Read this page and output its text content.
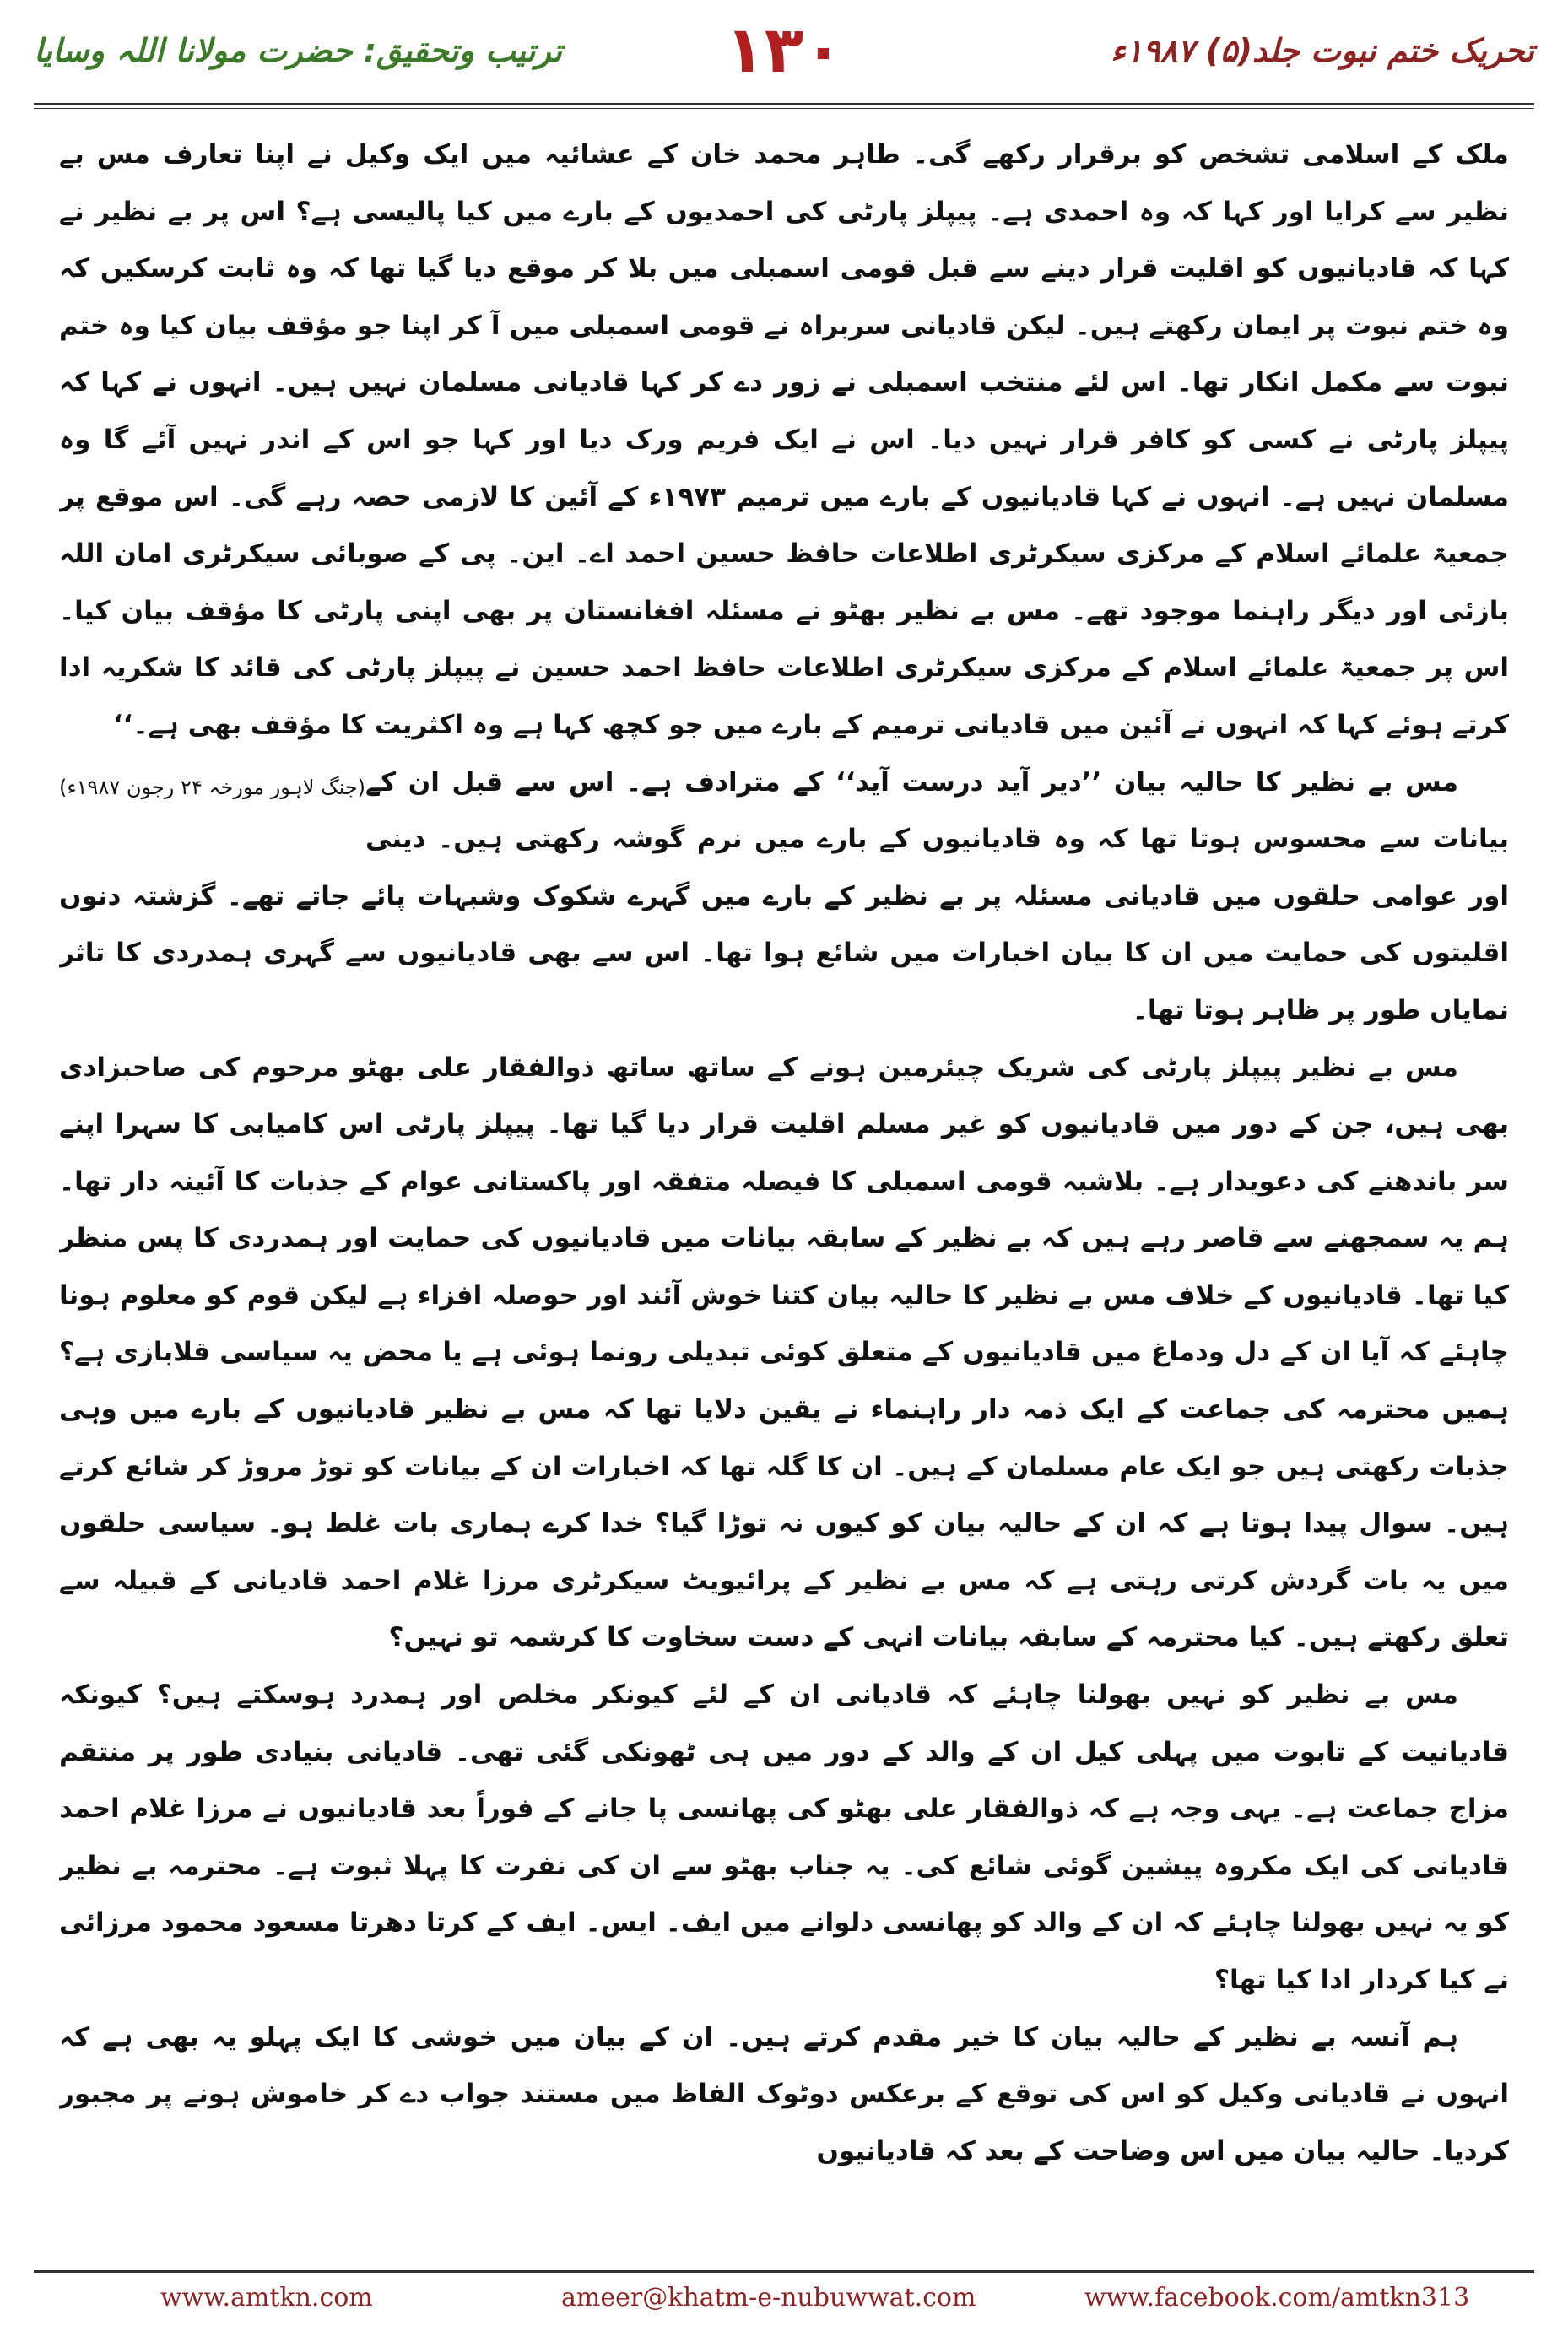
ترتیب وتحقیق: حضرت مولانا اللہ وسایا	۱۳۰	تحریک ختم نبوت جلد(۵) ۱۹۸۷ء

ملک کے اسلامی تشخص کو برقرار رکھے گی۔ طاہر محمد خان کے عشائیہ میں ایک وکیل نے اپنا تعارف مس بے نظیر سے کرایا اور کہا کہ وہ احمدی ہے۔ پیپلز پارٹی کی احمدیوں کے بارے میں کیا پالیسی ہے؟ اس پر بے نظیر نے کہا کہ قادیانیوں کو اقلیت قرار دینے سے قبل قومی اسمبلی میں بلا کر موقع دیا گیا تھا کہ وہ ثابت کرسکیں کہ وہ ختم نبوت پر ایمان رکھتے ہیں۔ لیکن قادیانی سربراہ نے قومی اسمبلی میں آ کر اپنا جو مؤقف بیان کیا وہ ختم نبوت سے مکمل انکار تھا۔ اس لئے منتخب اسمبلی نے زور دے کر کہا قادیانی مسلمان نہیں ہیں۔ انہوں نے کہا کہ پیپلز پارٹی نے کسی کو کافر قرار نہیں دیا۔ اس نے ایک فریم ورک دیا اور کہا جو اس کے اندر نہیں آئے گا وہ مسلمان نہیں ہے۔ انہوں نے کہا قادیانیوں کے بارے میں ترمیم ۱۹۷۳ء کے آئین کا لازمی حصہ رہے گی۔ اس موقع پر جمعیۃ علمائے اسلام کے مرکزی سیکرٹری اطلاعات حافظ حسین احمد اے۔ این۔ پی کے صوبائی سیکرٹری امان اللہ بازئی اور دیگر راہنما موجود تھے۔ مس بے نظیر بھٹو نے مسئلہ افغانستان پر بھی اپنی پارٹی کا مؤقف بیان کیا۔ اس پر جمعیۃ علمائے اسلام کے مرکزی سیکرٹری اطلاعات حافظ احمد حسین نے پیپلز پارٹی کی قائد کا شکریہ ادا کرتے ہوئے کہا کہ انہوں نے آئین میں قادیانی ترمیم کے بارے میں جو کچھ کہا ہے وہ اکثریت کا مؤقف بھی ہے۔‘‘
(جنگ لاہور مورخہ ۲۴ رجون ۱۹۸۷ء) مس بے نظیر کا حالیہ بیان ’’دیر آید درست آید‘‘ کے مترادف ہے۔ اس سے قبل ان کے بیانات سے محسوس ہوتا تھا کہ وہ قادیانیوں کے بارے میں نرم گوشہ رکھتی ہیں۔ دینی اور عوامی حلقوں میں قادیانی مسئلہ پر بے نظیر کے بارے میں گہرے شکوک وشبہات پائے جاتے تھے۔ گزشتہ دنوں اقلیتوں کی حمایت میں ان کا بیان اخبارات میں شائع ہوا تھا۔ اس سے بھی قادیانیوں سے گہری ہمدردی کا تاثر نمایاں طور پر ظاہر ہوتا تھا۔

مس بے نظیر پیپلز پارٹی کی شریک چیئرمین ہونے کے ساتھ ساتھ ذوالفقار علی بھٹو مرحوم کی صاحبزادی بھی ہیں، جن کے دور میں قادیانیوں کو غیر مسلم اقلیت قرار دیا گیا تھا۔ پیپلز پارٹی اس کامیابی کا سہرا اپنے سر باندھنے کی دعویدار ہے۔ بلاشبہ قومی اسمبلی کا فیصلہ متفقہ اور پاکستانی عوام کے جذبات کا آئینہ دار تھا۔ ہم یہ سمجھنے سے قاصر رہے ہیں کہ بے نظیر کے سابقہ بیانات میں قادیانیوں کی حمایت اور ہمدردی کا پس منظر کیا تھا۔ قادیانیوں کے خلاف مس بے نظیر کا حالیہ بیان کتنا خوش آئند اور حوصلہ افزاء ہے لیکن قوم کو معلوم ہونا چاہئے کہ آیا ان کے دل ودماغ میں قادیانیوں کے متعلق کوئی تبدیلی رونما ہوئی ہے یا محض یہ سیاسی قلابازی ہے؟ ہمیں محترمہ کی جماعت کے ایک ذمہ دار راہنماء نے یقین دلایا تھا کہ مس بے نظیر قادیانیوں کے بارے میں وہی جذبات رکھتی ہیں جو ایک عام مسلمان کے ہیں۔ ان کا گلہ تھا کہ اخبارات ان کے بیانات کو توڑ مروڑ کر شائع کرتے ہیں۔ سوال پیدا ہوتا ہے کہ ان کے حالیہ بیان کو کیوں نہ توڑا گیا؟ خدا کرے ہماری بات غلط ہو۔ سیاسی حلقوں میں یہ بات گردش کرتی رہتی ہے کہ مس بے نظیر کے پرائیویٹ سیکرٹری مرزا غلام احمد قادیانی کے قبیلہ سے تعلق رکھتے ہیں۔ کیا محترمہ کے سابقہ بیانات انہی کے دست سخاوت کا کرشمہ تو نہیں؟

مس بے نظیر کو نہیں بھولنا چاہئے کہ قادیانی ان کے لئے کیونکر مخلص اور ہمدرد ہوسکتے ہیں؟ کیونکہ قادیانیت کے تابوت میں پہلی کیل ان کے والد کے دور میں ہی ٹھونکی گئی تھی۔ قادیانی بنیادی طور پر منتقم مزاج جماعت ہے۔ یہی وجہ ہے کہ ذوالفقار علی بھٹو کی پھانسی پا جانے کے فوراً بعد قادیانیوں نے مرزا غلام احمد قادیانی کی ایک مکروہ پیشین گوئی شائع کی۔ یہ جناب بھٹو سے ان کی نفرت کا پہلا ثبوت ہے۔ محترمہ بے نظیر کو یہ نہیں بھولنا چاہئے کہ ان کے والد کو پھانسی دلوانے میں ایف۔ ایس۔ ایف کے کرتا دھرتا مسعود محمود مرزائی نے کیا کردار ادا کیا تھا؟

ہم آنسہ بے نظیر کے حالیہ بیان کا خیر مقدم کرتے ہیں۔ ان کے بیان میں خوشی کا ایک پہلو یہ بھی ہے کہ انہوں نے قادیانی وکیل کو اس کی توقع کے برعکس دوٹوک الفاظ میں مستند جواب دے کر خاموش ہونے پر مجبور کردیا۔ حالیہ بیان میں اس وضاحت کے بعد کہ قادیانیوں

www.amtkn.com	ameer@khatm-e-nubuwwat.com	www.facebook.com/amtkn313
